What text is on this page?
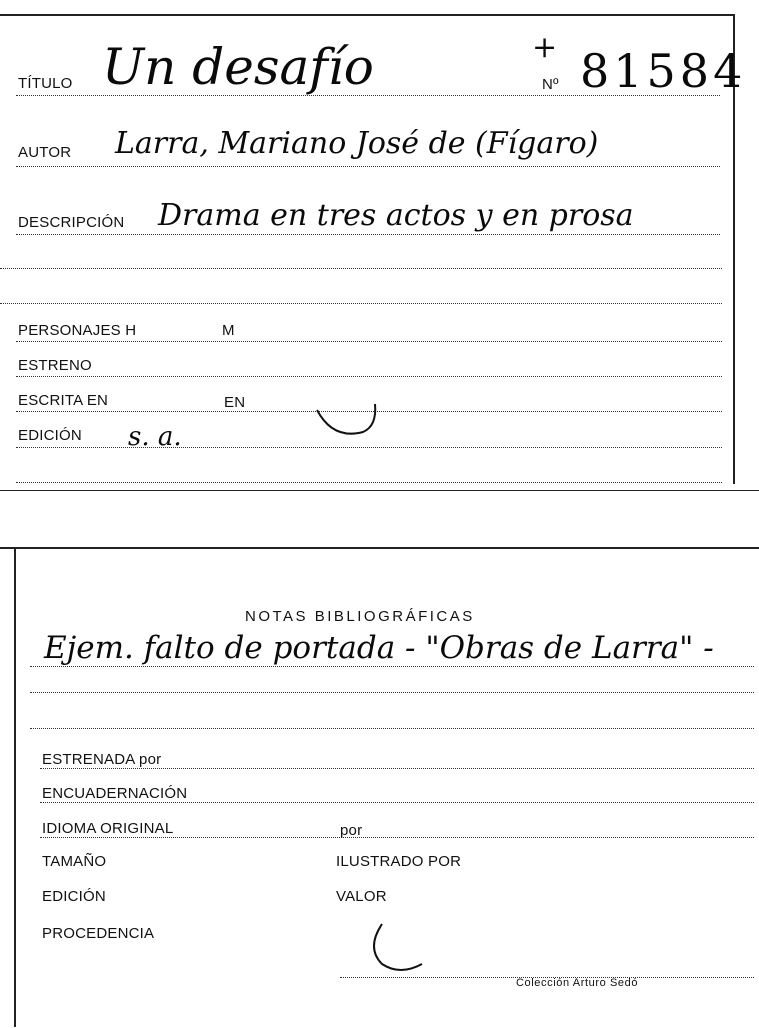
TÍTULO Un desafío	+
Nº 81584
AUTOR Larra, Mariano José de (Fígaro)
DESCRIPCIÓN Drama en tres actos y en prosa
PERSONAJES H	M
ESTRENO
ESCRITA EN	EN
EDICIÓN s. a.
NOTAS BIBLIOGRÁFICAS
Ejem. falto de portada - "Obras de Larra" -
ESTRENADA por
ENCUADERNACIÓN
IDIOMA ORIGINAL	por
TAMAÑO	ILUSTRADO POR
EDICIÓN	VALOR
PROCEDENCIA
Colección Arturo Sedó
